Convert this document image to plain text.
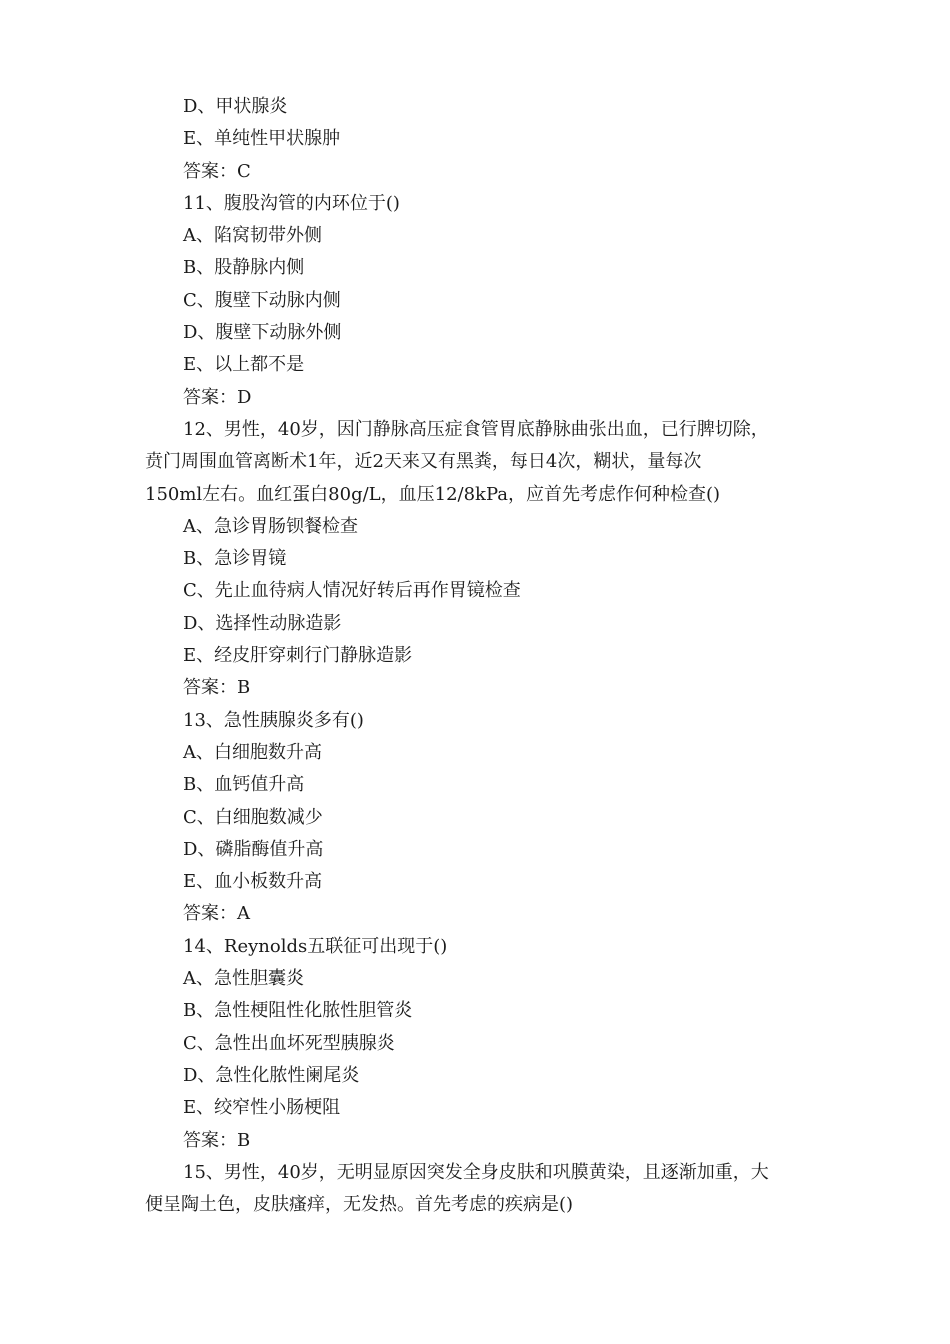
D、甲状腺炎
E、单纯性甲状腺肿
答案：C
11、腹股沟管的内环位于()
A、陷窝韧带外侧
B、股静脉内侧
C、腹壁下动脉内侧
D、腹壁下动脉外侧
E、以上都不是
答案：D
12、男性，40岁，因门静脉高压症食管胃底静脉曲张出血，已行脾切除，
贲门周围血管离断术1年，近2天来又有黑粪，每日4次，糊状，量每次
150ml左右。血红蛋白80g/L，血压12/8kPa，应首先考虑作何种检查()
A、急诊胃肠钡餐检查
B、急诊胃镜
C、先止血待病人情况好转后再作胃镜检查
D、选择性动脉造影
E、经皮肝穿刺行门静脉造影
答案：B
13、急性胰腺炎多有()
A、白细胞数升高
B、血钙值升高
C、白细胞数减少
D、磷脂酶值升高
E、血小板数升高
答案：A
14、Reynolds五联征可出现于()
A、急性胆囊炎
B、急性梗阻性化脓性胆管炎
C、急性出血坏死型胰腺炎
D、急性化脓性阑尾炎
E、绞窄性小肠梗阻
答案：B
15、男性，40岁，无明显原因突发全身皮肤和巩膜黄染，且逐渐加重，大
便呈陶土色，皮肤瘙痒，无发热。首先考虑的疾病是()
